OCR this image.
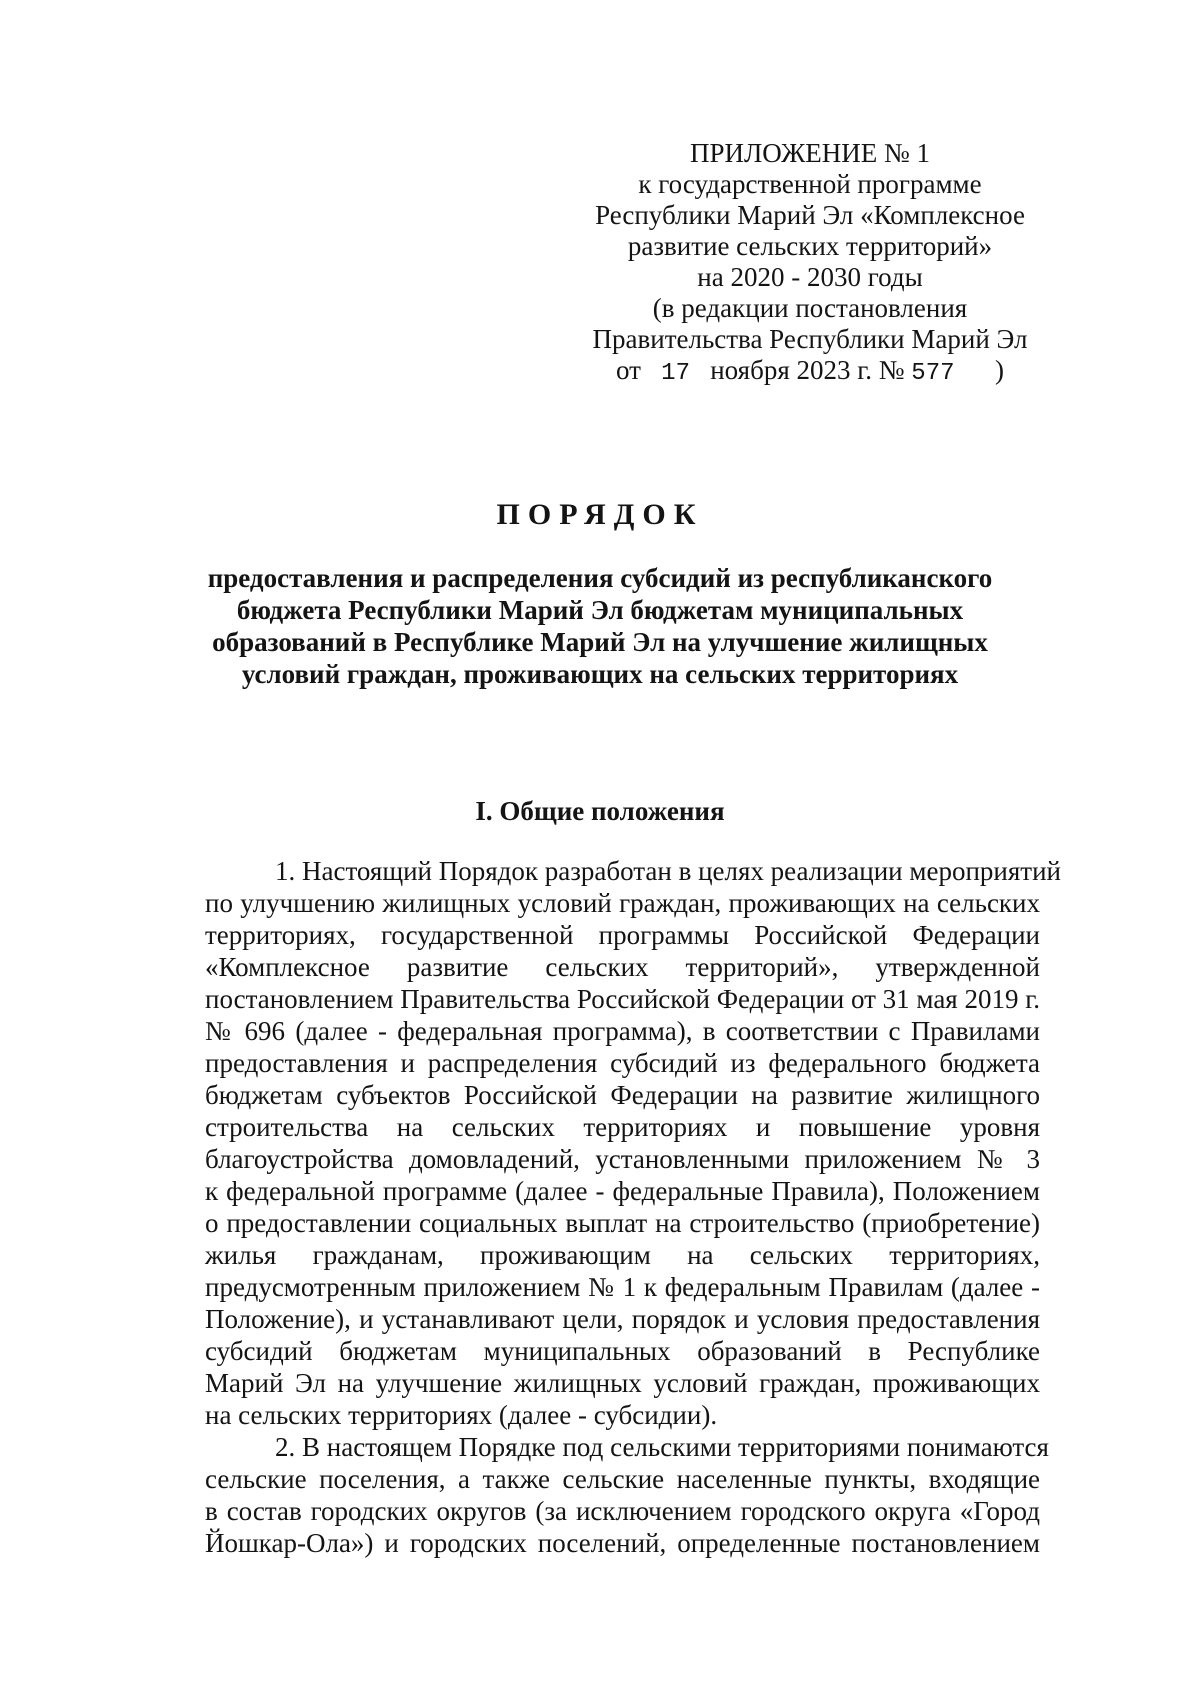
ПРИЛОЖЕНИЕ № 1
к государственной программе
Республики Марий Эл «Комплексное
развитие сельских территорий»
на 2020 - 2030 годы
(в редакции постановления
Правительства Республики Марий Эл
от 17 ноября 2023 г. № 577 )
ПОРЯДОК
предоставления и распределения субсидий из республиканского
бюджета Республики Марий Эл бюджетам муниципальных
образований в Республике Марий Эл на улучшение жилищных
условий граждан, проживающих на сельских территориях
I. Общие положения
1. Настоящий Порядок разработан в целях реализации мероприятий
по улучшению жилищных условий граждан, проживающих на сельских
территориях, государственной программы Российской Федерации
«Комплексное развитие сельских территорий», утвержденной
постановлением Правительства Российской Федерации от 31 мая 2019 г.
№ 696 (далее - федеральная программа), в соответствии с Правилами
предоставления и распределения субсидий из федерального бюджета
бюджетам субъектов Российской Федерации на развитие жилищного
строительства на сельских территориях и повышение уровня
благоустройства домовладений, установленными приложением № 3
к федеральной программе (далее - федеральные Правила), Положением
о предоставлении социальных выплат на строительство (приобретение)
жилья гражданам, проживающим на сельских территориях,
предусмотренным приложением № 1 к федеральным Правилам (далее -
Положение), и устанавливают цели, порядок и условия предоставления
субсидий бюджетам муниципальных образований в Республике
Марий Эл на улучшение жилищных условий граждан, проживающих
на сельских территориях (далее - субсидии).
2. В настоящем Порядке под сельскими территориями понимаются
сельские поселения, а также сельские населенные пункты, входящие
в состав городских округов (за исключением городского округа «Город
Йошкар-Ола») и городских поселений, определенные постановлением
